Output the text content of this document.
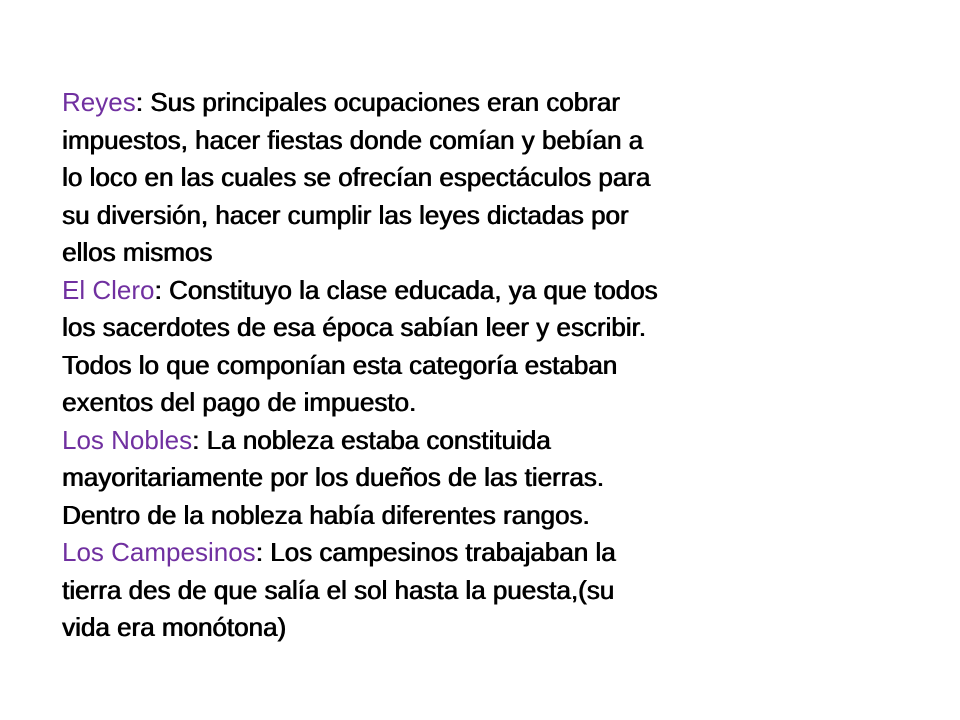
Reyes: Sus principales ocupaciones eran cobrar
impuestos, hacer fiestas donde comían y bebían a
lo loco en las cuales se ofrecían espectáculos para
su diversión, hacer cumplir las leyes dictadas por
ellos mismos
El Clero: Constituyo la clase educada, ya que todos
los sacerdotes de esa época sabían leer y escribir.
Todos lo que componían esta categoría estaban
exentos del pago de impuesto.
Los Nobles: La nobleza estaba constituida
mayoritariamente por los dueños de las tierras.
Dentro de la nobleza había diferentes rangos.
Los Campesinos: Los campesinos trabajaban la
tierra des de que salía el sol hasta la puesta,(su
vida era monótona)
